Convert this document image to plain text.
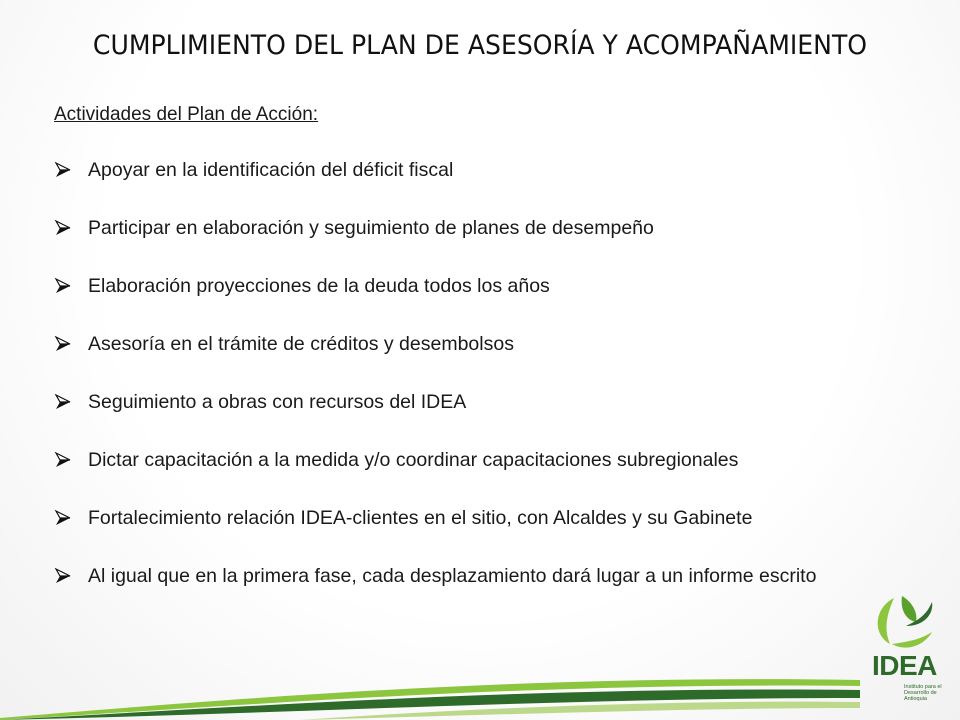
CUMPLIMIENTO DEL PLAN DE ASESORÍA Y ACOMPAÑAMIENTO
Actividades del Plan de Acción:
Apoyar en la identificación del déficit fiscal
Participar en elaboración y seguimiento de planes de desempeño
Elaboración proyecciones de la deuda todos los años
Asesoría en el trámite de créditos y desembolsos
Seguimiento a obras con recursos del IDEA
Dictar capacitación a la medida y/o coordinar capacitaciones subregionales
Fortalecimiento relación IDEA-clientes en el sitio, con Alcaldes y su Gabinete
Al igual que en la primera fase, cada desplazamiento dará lugar a un informe escrito
IDEA
Instituto para el Desarrollo de Antioquia
